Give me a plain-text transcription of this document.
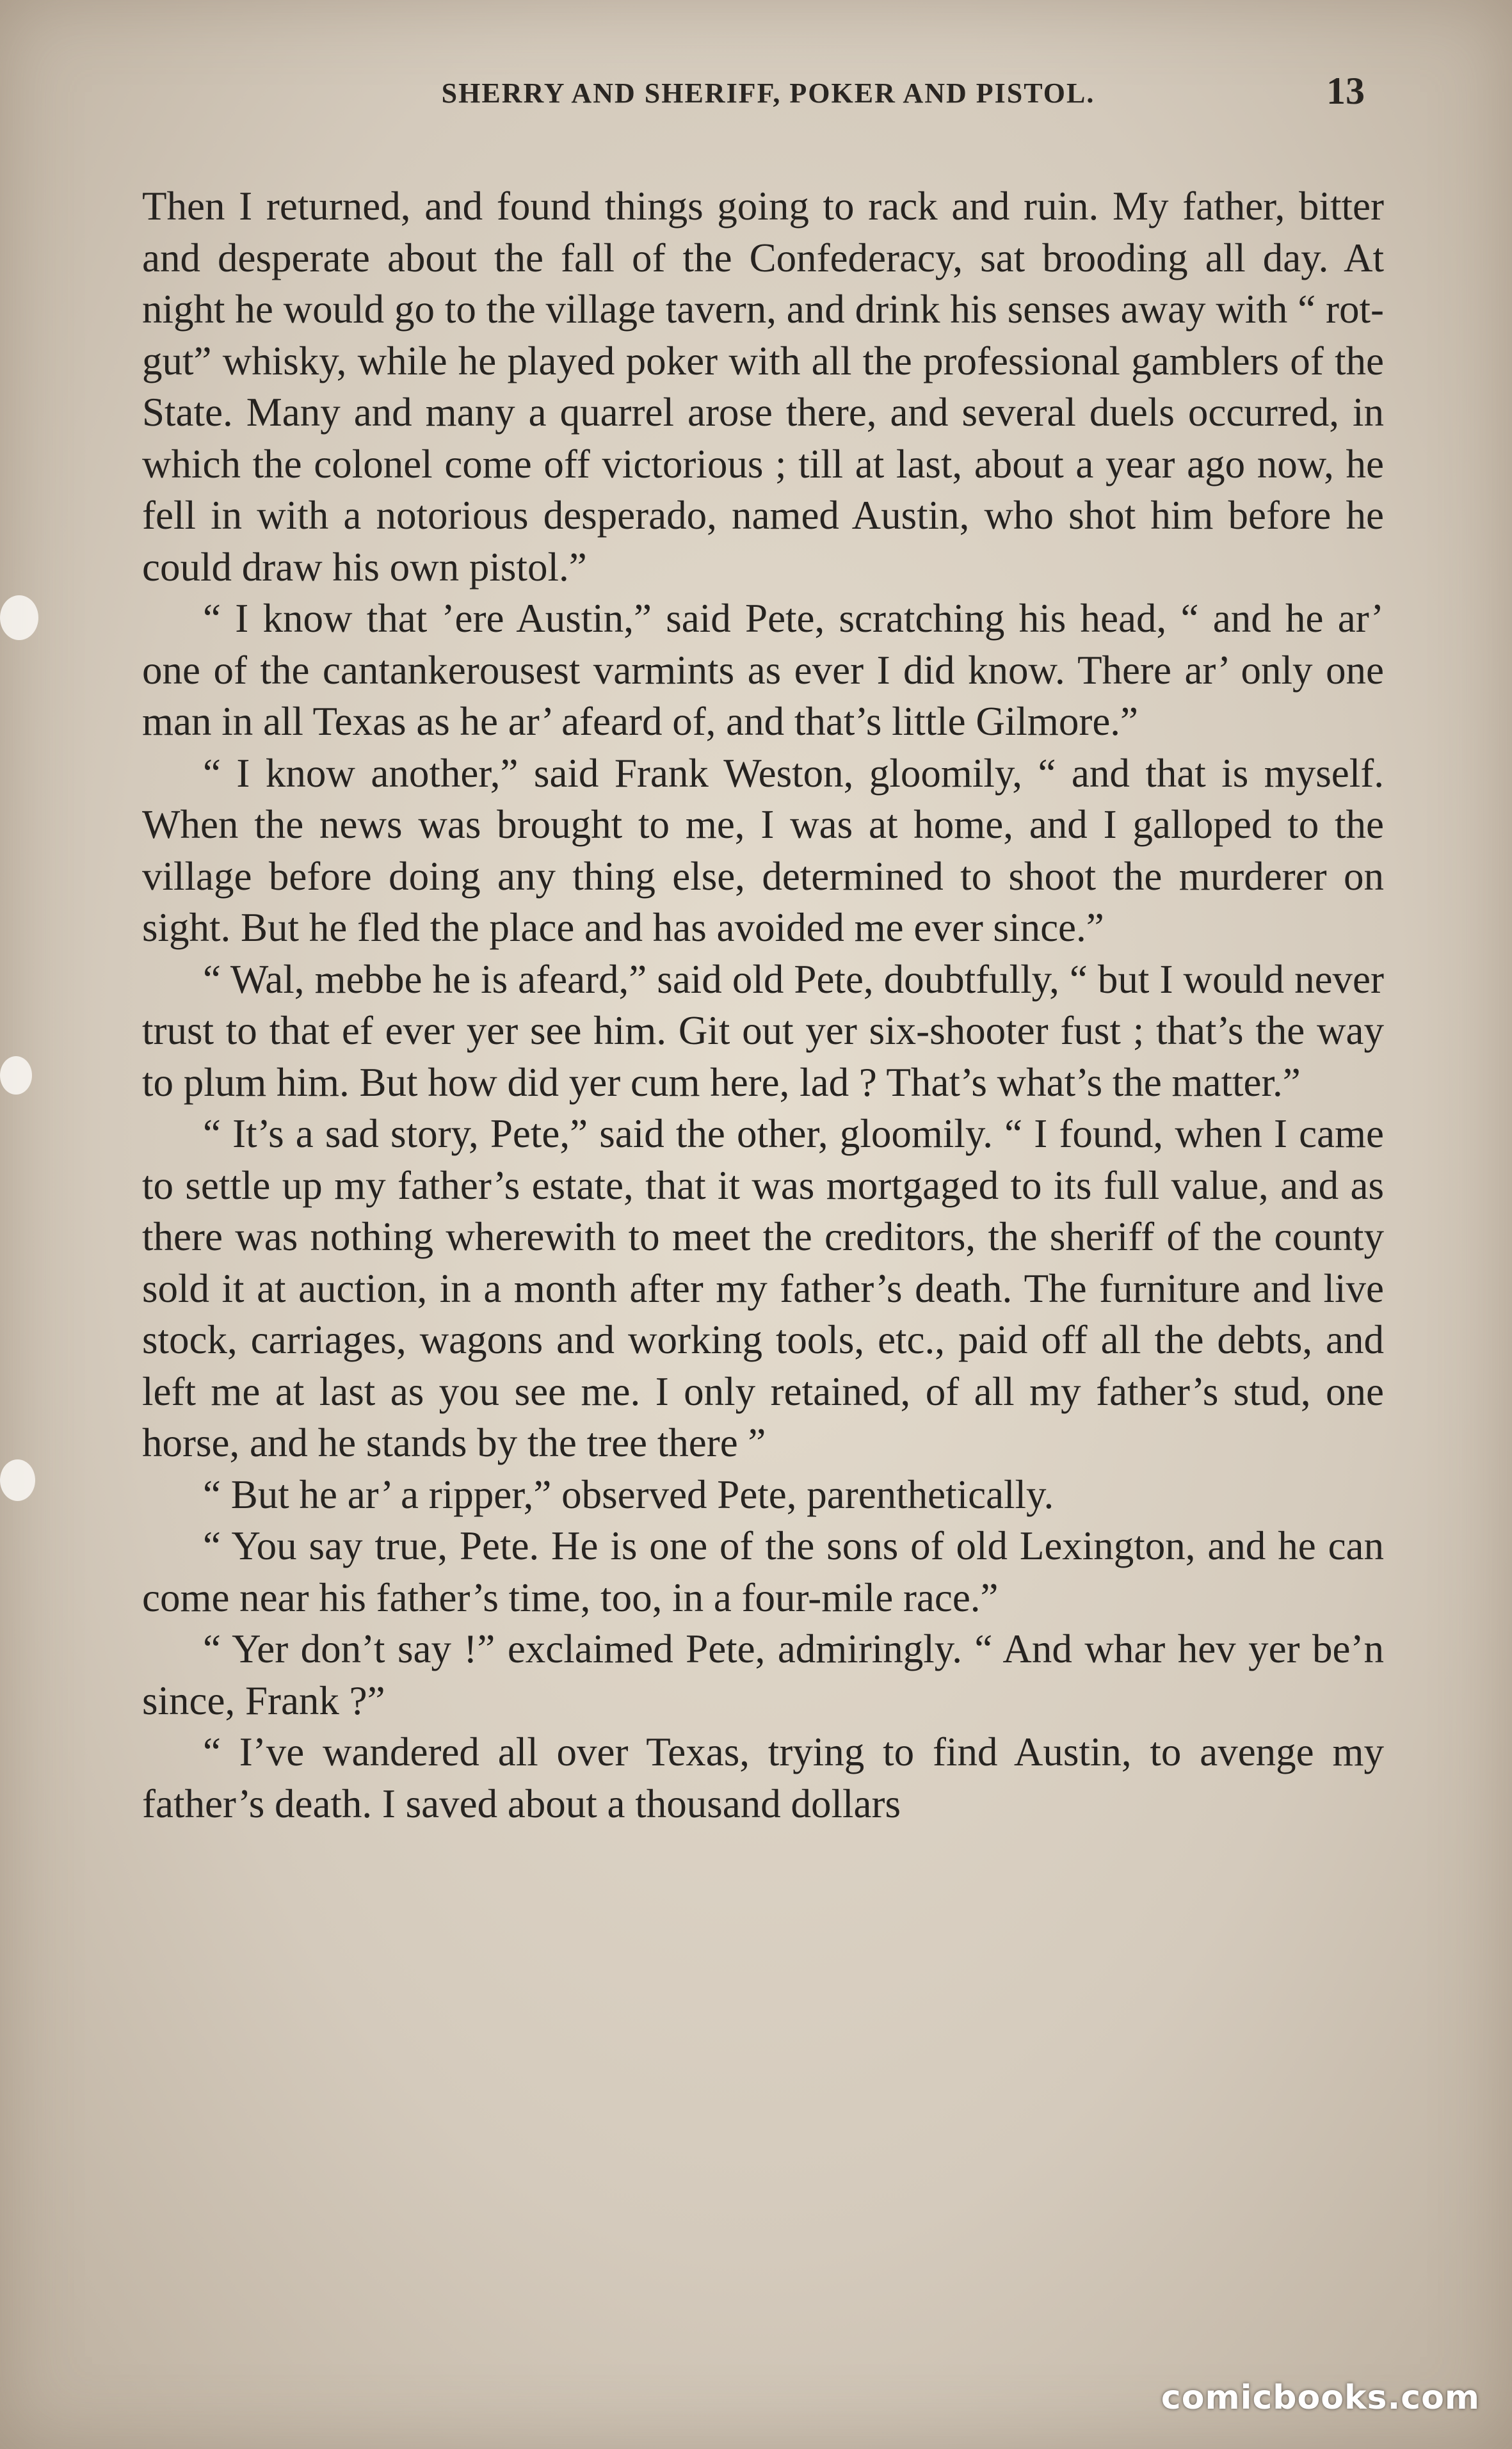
SHERRY AND SHERIFF, POKER AND PISTOL.	13

Then I returned, and found things going to rack and ruin. My father, bitter and desperate about the fall of the Confederacy, sat brooding all day. At night he would go to the village tavern, and drink his senses away with “ rot-gut” whisky, while he played poker with all the professional gamblers of the State. Many and many a quarrel arose there, and several duels occurred, in which the colonel come off victorious ; till at last, about a year ago now, he fell in with a notorious desperado, named Austin, who shot him before he could draw his own pistol.”

“ I know that ’ere Austin,” said Pete, scratching his head, “ and he ar’ one of the cantankerousest varmints as ever I did know. There ar’ only one man in all Texas as he ar’ afeard of, and that’s little Gilmore.”

“ I know another,” said Frank Weston, gloomily, “ and that is myself. When the news was brought to me, I was at home, and I galloped to the village before doing any thing else, determined to shoot the murderer on sight. But he fled the place and has avoided me ever since.”

“ Wal, mebbe he is afeard,” said old Pete, doubtfully, “ but I would never trust to that ef ever yer see him. Git out yer six-shooter fust ; that’s the way to plum him. But how did yer cum here, lad ? That’s what’s the matter.”

“ It’s a sad story, Pete,” said the other, gloomily. “ I found, when I came to settle up my father’s estate, that it was mortgaged to its full value, and as there was nothing wherewith to meet the creditors, the sheriff of the county sold it at auction, in a month after my father’s death. The furniture and live stock, carriages, wagons and working tools, etc., paid off all the debts, and left me at last as you see me. I only retained, of all my father’s stud, one horse, and he stands by the tree there ”

“ But he ar’ a ripper,” observed Pete, parenthetically.

“ You say true, Pete. He is one of the sons of old Lexington, and he can come near his father’s time, too, in a four-mile race.”

“ Yer don’t say !” exclaimed Pete, admiringly. “ And whar hev yer be’n since, Frank ?”

“ I’ve wandered all over Texas, trying to find Austin, to avenge my father’s death. I saved about a thousand dollars

comicbooks.com
